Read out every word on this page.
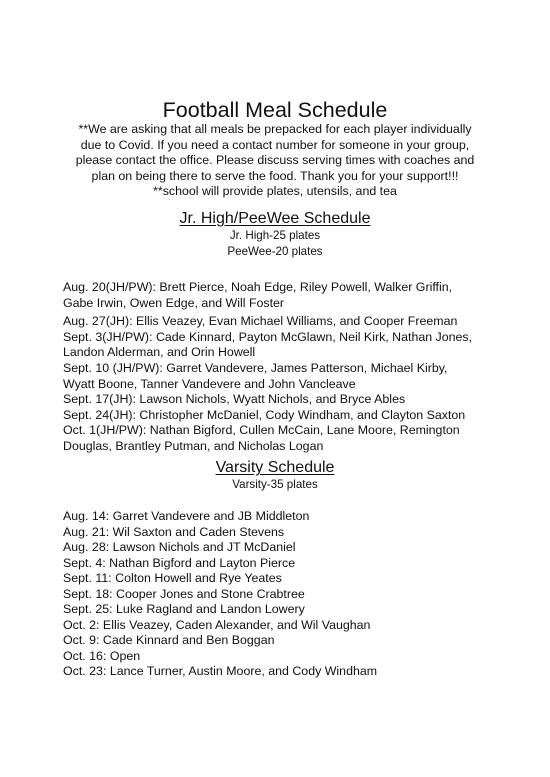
Football Meal Schedule
**We are asking that all meals be prepacked for each player individually
due to Covid. If you need a contact number for someone in your group,
please contact the office. Please discuss serving times with coaches and
plan on being there to serve the food. Thank you for your support!!!
**school will provide plates, utensils, and tea
Jr. High/PeeWee Schedule
Jr. High-25 plates
PeeWee-20 plates
Aug. 20(JH/PW): Brett Pierce, Noah Edge, Riley Powell, Walker Griffin,
Gabe Irwin, Owen Edge, and Will Foster
Aug. 27(JH): Ellis Veazey, Evan Michael Williams, and Cooper Freeman
Sept. 3(JH/PW): Cade Kinnard, Payton McGlawn, Neil Kirk, Nathan Jones,
Landon Alderman, and Orin Howell
Sept. 10 (JH/PW): Garret Vandevere, James Patterson, Michael Kirby,
Wyatt Boone, Tanner Vandevere and John Vancleave
Sept. 17(JH): Lawson Nichols, Wyatt Nichols, and Bryce Ables
Sept. 24(JH): Christopher McDaniel, Cody Windham, and Clayton Saxton
Oct. 1(JH/PW): Nathan Bigford, Cullen McCain, Lane Moore, Remington
Douglas, Brantley Putman, and Nicholas Logan
Varsity Schedule
Varsity-35 plates
Aug. 14: Garret Vandevere and JB Middleton
Aug. 21: Wil Saxton and Caden Stevens
Aug. 28: Lawson Nichols and JT McDaniel
Sept. 4: Nathan Bigford and Layton Pierce
Sept. 11: Colton Howell and Rye Yeates
Sept. 18: Cooper Jones and Stone Crabtree
Sept. 25: Luke Ragland and Landon Lowery
Oct. 2: Ellis Veazey, Caden Alexander, and Wil Vaughan
Oct. 9: Cade Kinnard and Ben Boggan
Oct. 16: Open
Oct. 23: Lance Turner, Austin Moore, and Cody Windham
